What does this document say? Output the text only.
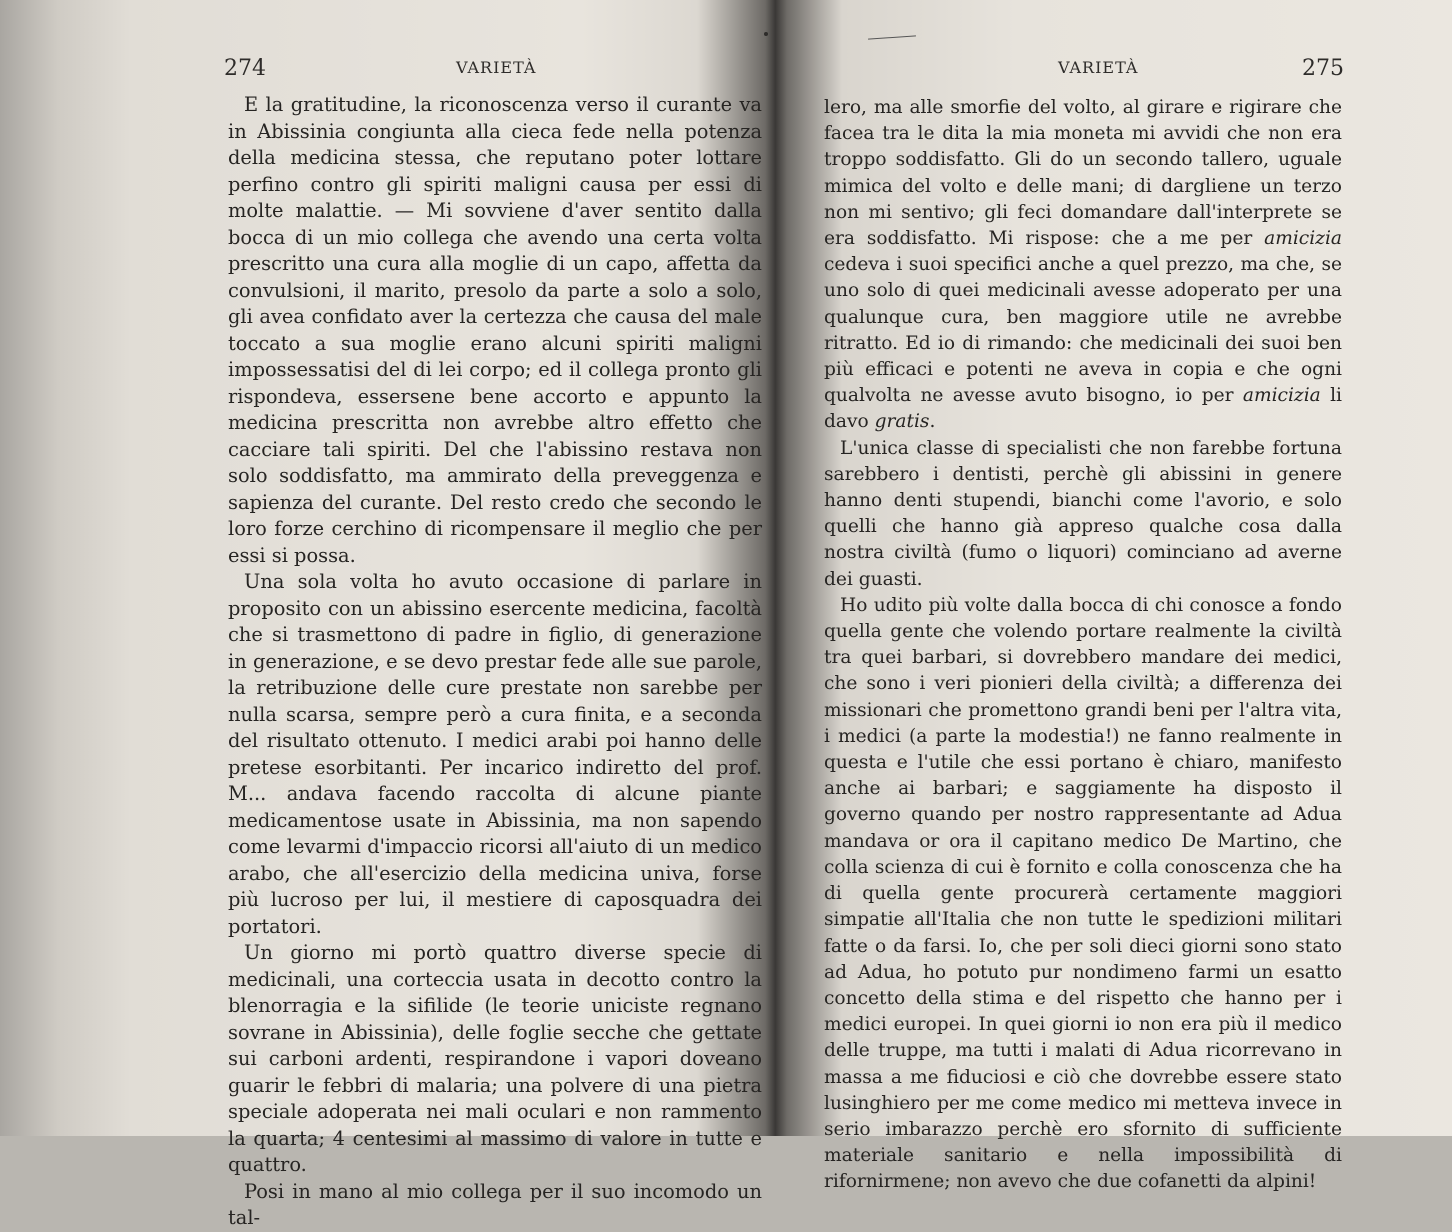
274	VARIETÀ

E la gratitudine, la riconoscenza verso il curante va in Abissinia congiunta alla cieca fede nella potenza della medicina stessa, che reputano poter lottare perfino contro gli spiriti maligni causa per essi di molte malattie. — Mi sovviene d'aver sentito dalla bocca di un mio collega che avendo una certa volta prescritto una cura alla moglie di un capo, affetta da convulsioni, il marito, presolo da parte a solo a solo, gli avea confidato aver la certezza che causa del male toccato a sua moglie erano alcuni spiriti maligni impossessatisi del di lei corpo; ed il collega pronto gli rispondeva, essersene bene accorto e appunto la medicina prescritta non avrebbe altro effetto che cacciare tali spiriti. Del che l'abissino restava non solo soddisfatto, ma ammirato della preveggenza e sapienza del curante. Del resto credo che secondo le loro forze cerchino di ricompensare il meglio che per essi si possa.

Una sola volta ho avuto occasione di parlare in proposito con un abissino esercente medicina, facoltà che si trasmettono di padre in figlio, di generazione in generazione, e se devo prestar fede alle sue parole, la retribuzione delle cure prestate non sarebbe per nulla scarsa, sempre però a cura finita, e a seconda del risultato ottenuto. I medici arabi poi hanno delle pretese esorbitanti. Per incarico indiretto del prof. M... andava facendo raccolta di alcune piante medicamentose usate in Abissinia, ma non sapendo come levarmi d'impaccio ricorsi all'aiuto di un medico arabo, che all'esercizio della medicina univa, forse più lucroso per lui, il mestiere di caposquadra dei portatori.

Un giorno mi portò quattro diverse specie di medicinali, una corteccia usata in decotto contro la blenorragia e la sifilide (le teorie uniciste regnano sovrane in Abissinia), delle foglie secche che gettate sui carboni ardenti, respirandone i vapori doveano guarir le febbri di malaria; una polvere di una pietra speciale adoperata nei mali oculari e non rammento la quarta; 4 centesimi al massimo di valore in tutte e quattro.

Posi in mano al mio collega per il suo incomodo un tal-

VARIETÀ	275

lero, ma alle smorfie del volto, al girare e rigirare che facea tra le dita la mia moneta mi avvidi che non era troppo soddisfatto. Gli do un secondo tallero, uguale mimica del volto e delle mani; di dargliene un terzo non mi sentivo; gli feci domandare dall'interprete se era soddisfatto. Mi rispose: che a me per amicizia cedeva i suoi specifici anche a quel prezzo, ma che, se uno solo di quei medicinali avesse adoperato per una qualunque cura, ben maggiore utile ne avrebbe ritratto. Ed io di rimando: che medicinali dei suoi ben più efficaci e potenti ne aveva in copia e che ogni qualvolta ne avesse avuto bisogno, io per amicizia li davo gratis.

L'unica classe di specialisti che non farebbe fortuna sarebbero i dentisti, perchè gli abissini in genere hanno denti stupendi, bianchi come l'avorio, e solo quelli che hanno già appreso qualche cosa dalla nostra civiltà (fumo o liquori) cominciano ad averne dei guasti.

Ho udito più volte dalla bocca di chi conosce a fondo quella gente che volendo portare realmente la civiltà tra quei barbari, si dovrebbero mandare dei medici, che sono i veri pionieri della civiltà; a differenza dei missionari che promettono grandi beni per l'altra vita, i medici (a parte la modestia!) ne fanno realmente in questa e l'utile che essi portano è chiaro, manifesto anche ai barbari; e saggiamente ha disposto il governo quando per nostro rappresentante ad Adua mandava or ora il capitano medico De Martino, che colla scienza di cui è fornito e colla conoscenza che ha di quella gente procurerà certamente maggiori simpatie all'Italia che non tutte le spedizioni militari fatte o da farsi. Io, che per soli dieci giorni sono stato ad Adua, ho potuto pur nondimeno farmi un esatto concetto della stima e del rispetto che hanno per i medici europei. In quei giorni io non era più il medico delle truppe, ma tutti i malati di Adua ricorrevano in massa a me fiduciosi e ciò che dovrebbe essere stato lusinghiero per me come medico mi metteva invece in serio imbarazzo perchè ero sfornito di sufficiente materiale sanitario e nella impossibilità di rifornirmene; non avevo che due cofanetti da alpini!
